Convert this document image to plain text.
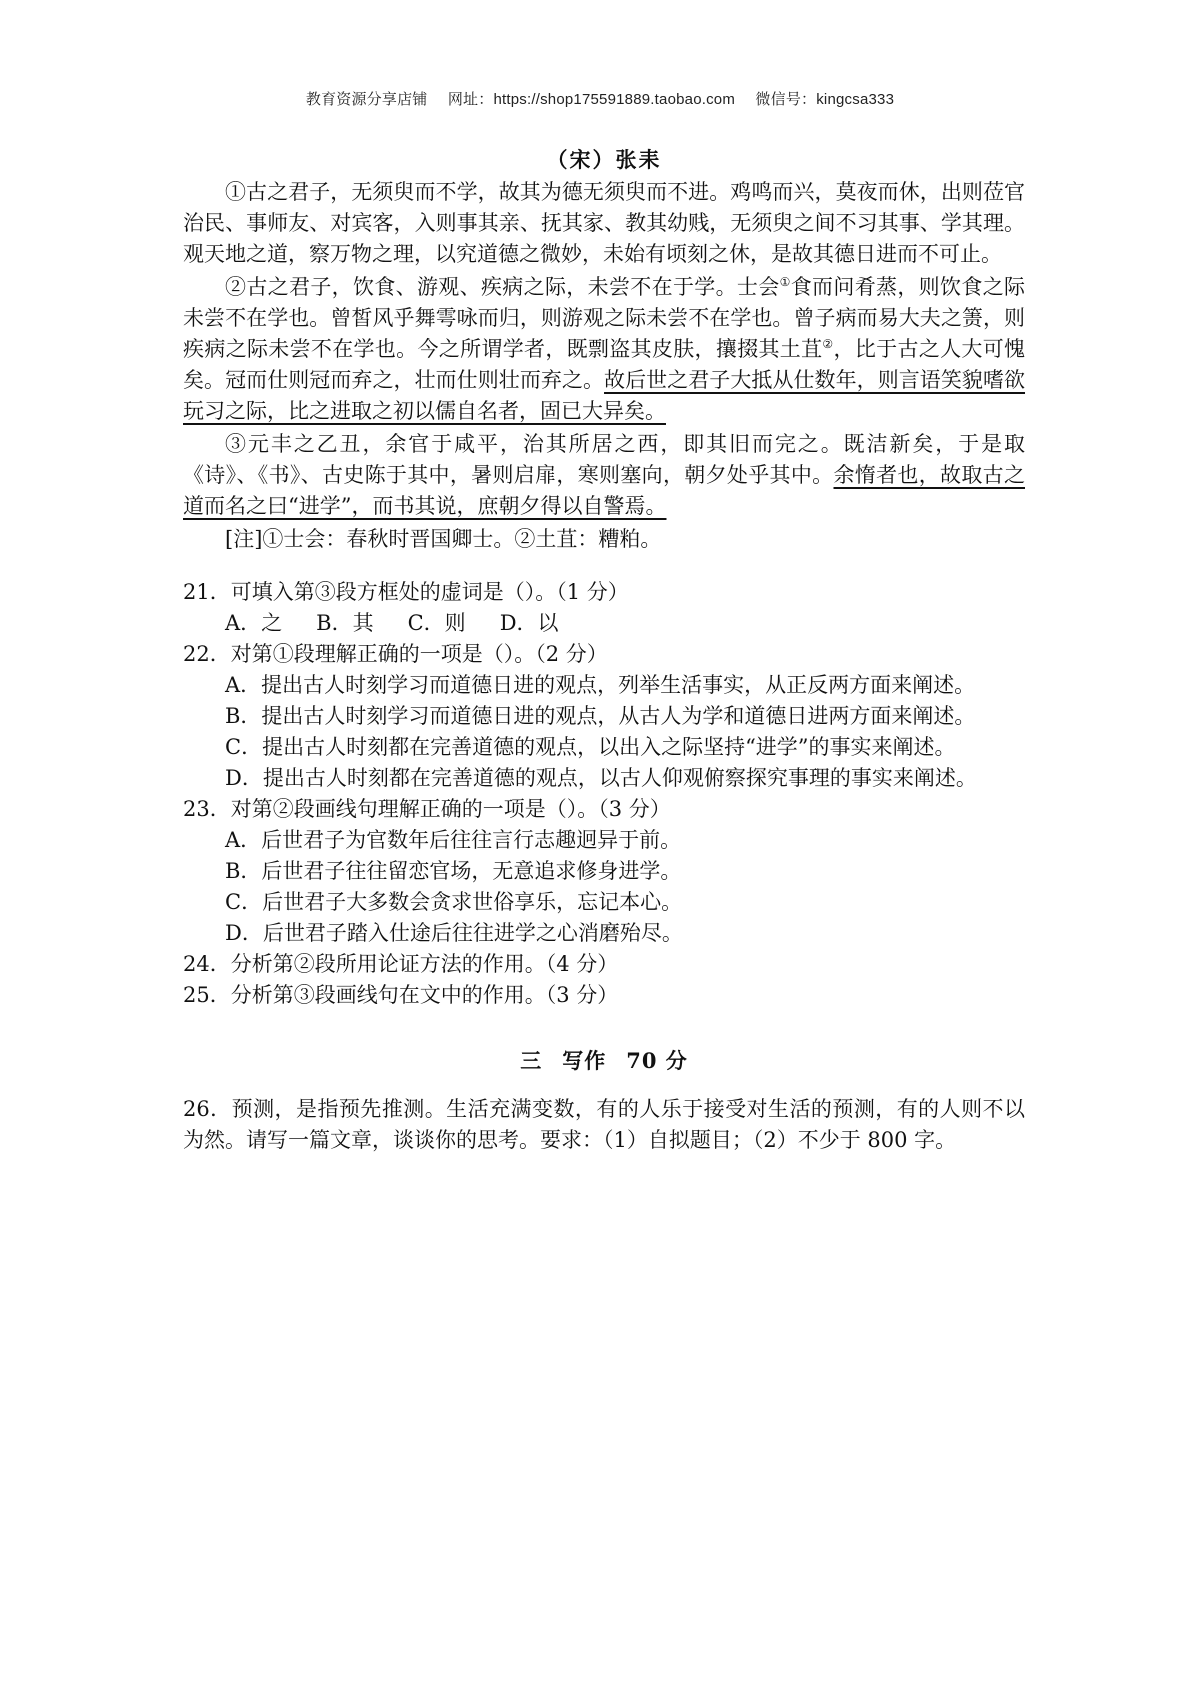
教育资源分享店铺 网址：https://shop175591889.taobao.com 微信号：kingcsa333
（宋）张耒

①古之君子，无须臾而不学，故其为德无须臾而不进。鸡鸣而兴，莫夜而休，出则莅官治民、事师友、对宾客，入则事其亲、抚其家、教其幼贱，无须臾之间不习其事、学其理。观天地之道，察万物之理，以究道德之微妙，未始有顷刻之休，是故其德日进而不可止。

②古之君子，饮食、游观、疾病之际，未尝不在于学。士会①食而问肴蒸，则饮食之际未尝不在学也。曾皙风乎舞雩咏而归，则游观之际未尝不在学也。曾子病而易大夫之箦，则疾病之际未尝不在学也。今之所谓学者，既剽盗其皮肤，攘掇其土苴②，比于古之人大可愧矣。冠而仕则冠而弃之，壮而仕则壮而弃之。故后世之君子大抵从仕数年，则言语笑貌嗜欲玩习之际，比之进取之初以儒自名者，固已大异矣。

③元丰之乙丑，余官于咸平，治其所居之西，即其旧而完之。既洁新矣，于是取《诗》、《书》、古史陈于其中，暑则启扉，寒则塞向，朝夕处乎其中。余惰者也，故取古之道而名之曰“进学”，而书其说，庶朝夕得以自警焉。

[注]①士会：春秋时晋国卿士。②土苴：糟粕。

21．可填入第③段方框处的虚词是（）。（1 分）

A．之 B．其 C．则 D．以

22．对第①段理解正确的一项是（）。（2 分）

A．提出古人时刻学习而道德日进的观点，列举生活事实，从正反两方面来阐述。

B．提出古人时刻学习而道德日进的观点，从古人为学和道德日进两方面来阐述。

C．提出古人时刻都在完善道德的观点，以出入之际坚持“进学”的事实来阐述。

D．提出古人时刻都在完善道德的观点，以古人仰观俯察探究事理的事实来阐述。

23．对第②段画线句理解正确的一项是（）。（3 分）

A．后世君子为官数年后往往言行志趣迥异于前。

B．后世君子往往留恋官场，无意追求修身进学。

C．后世君子大多数会贪求世俗享乐，忘记本心。

D．后世君子踏入仕途后往往进学之心消磨殆尽。

24．分析第②段所用论证方法的作用。（4 分）

25．分析第③段画线句在文中的作用。（3 分）

三 写作 70 分

26．预测，是指预先推测。生活充满变数，有的人乐于接受对生活的预测，有的人则不以为然。请写一篇文章，谈谈你的思考。要求：（1）自拟题目；（2）不少于 800 字。
